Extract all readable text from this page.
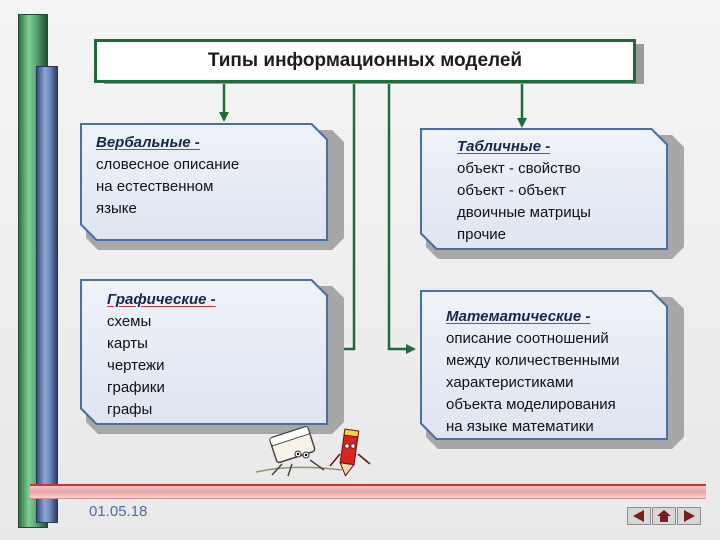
Типы информационных моделей
Вербальные -
словесное описание
на естественном
языке
Табличные -
объект - свойство
объект - объект
двоичные матрицы
прочие
Графические -
схемы
карты
чертежи
графики
графы
Математические -
описание соотношений
между количественными
характеристиками
объекта моделирования
на языке математики
01.05.18
